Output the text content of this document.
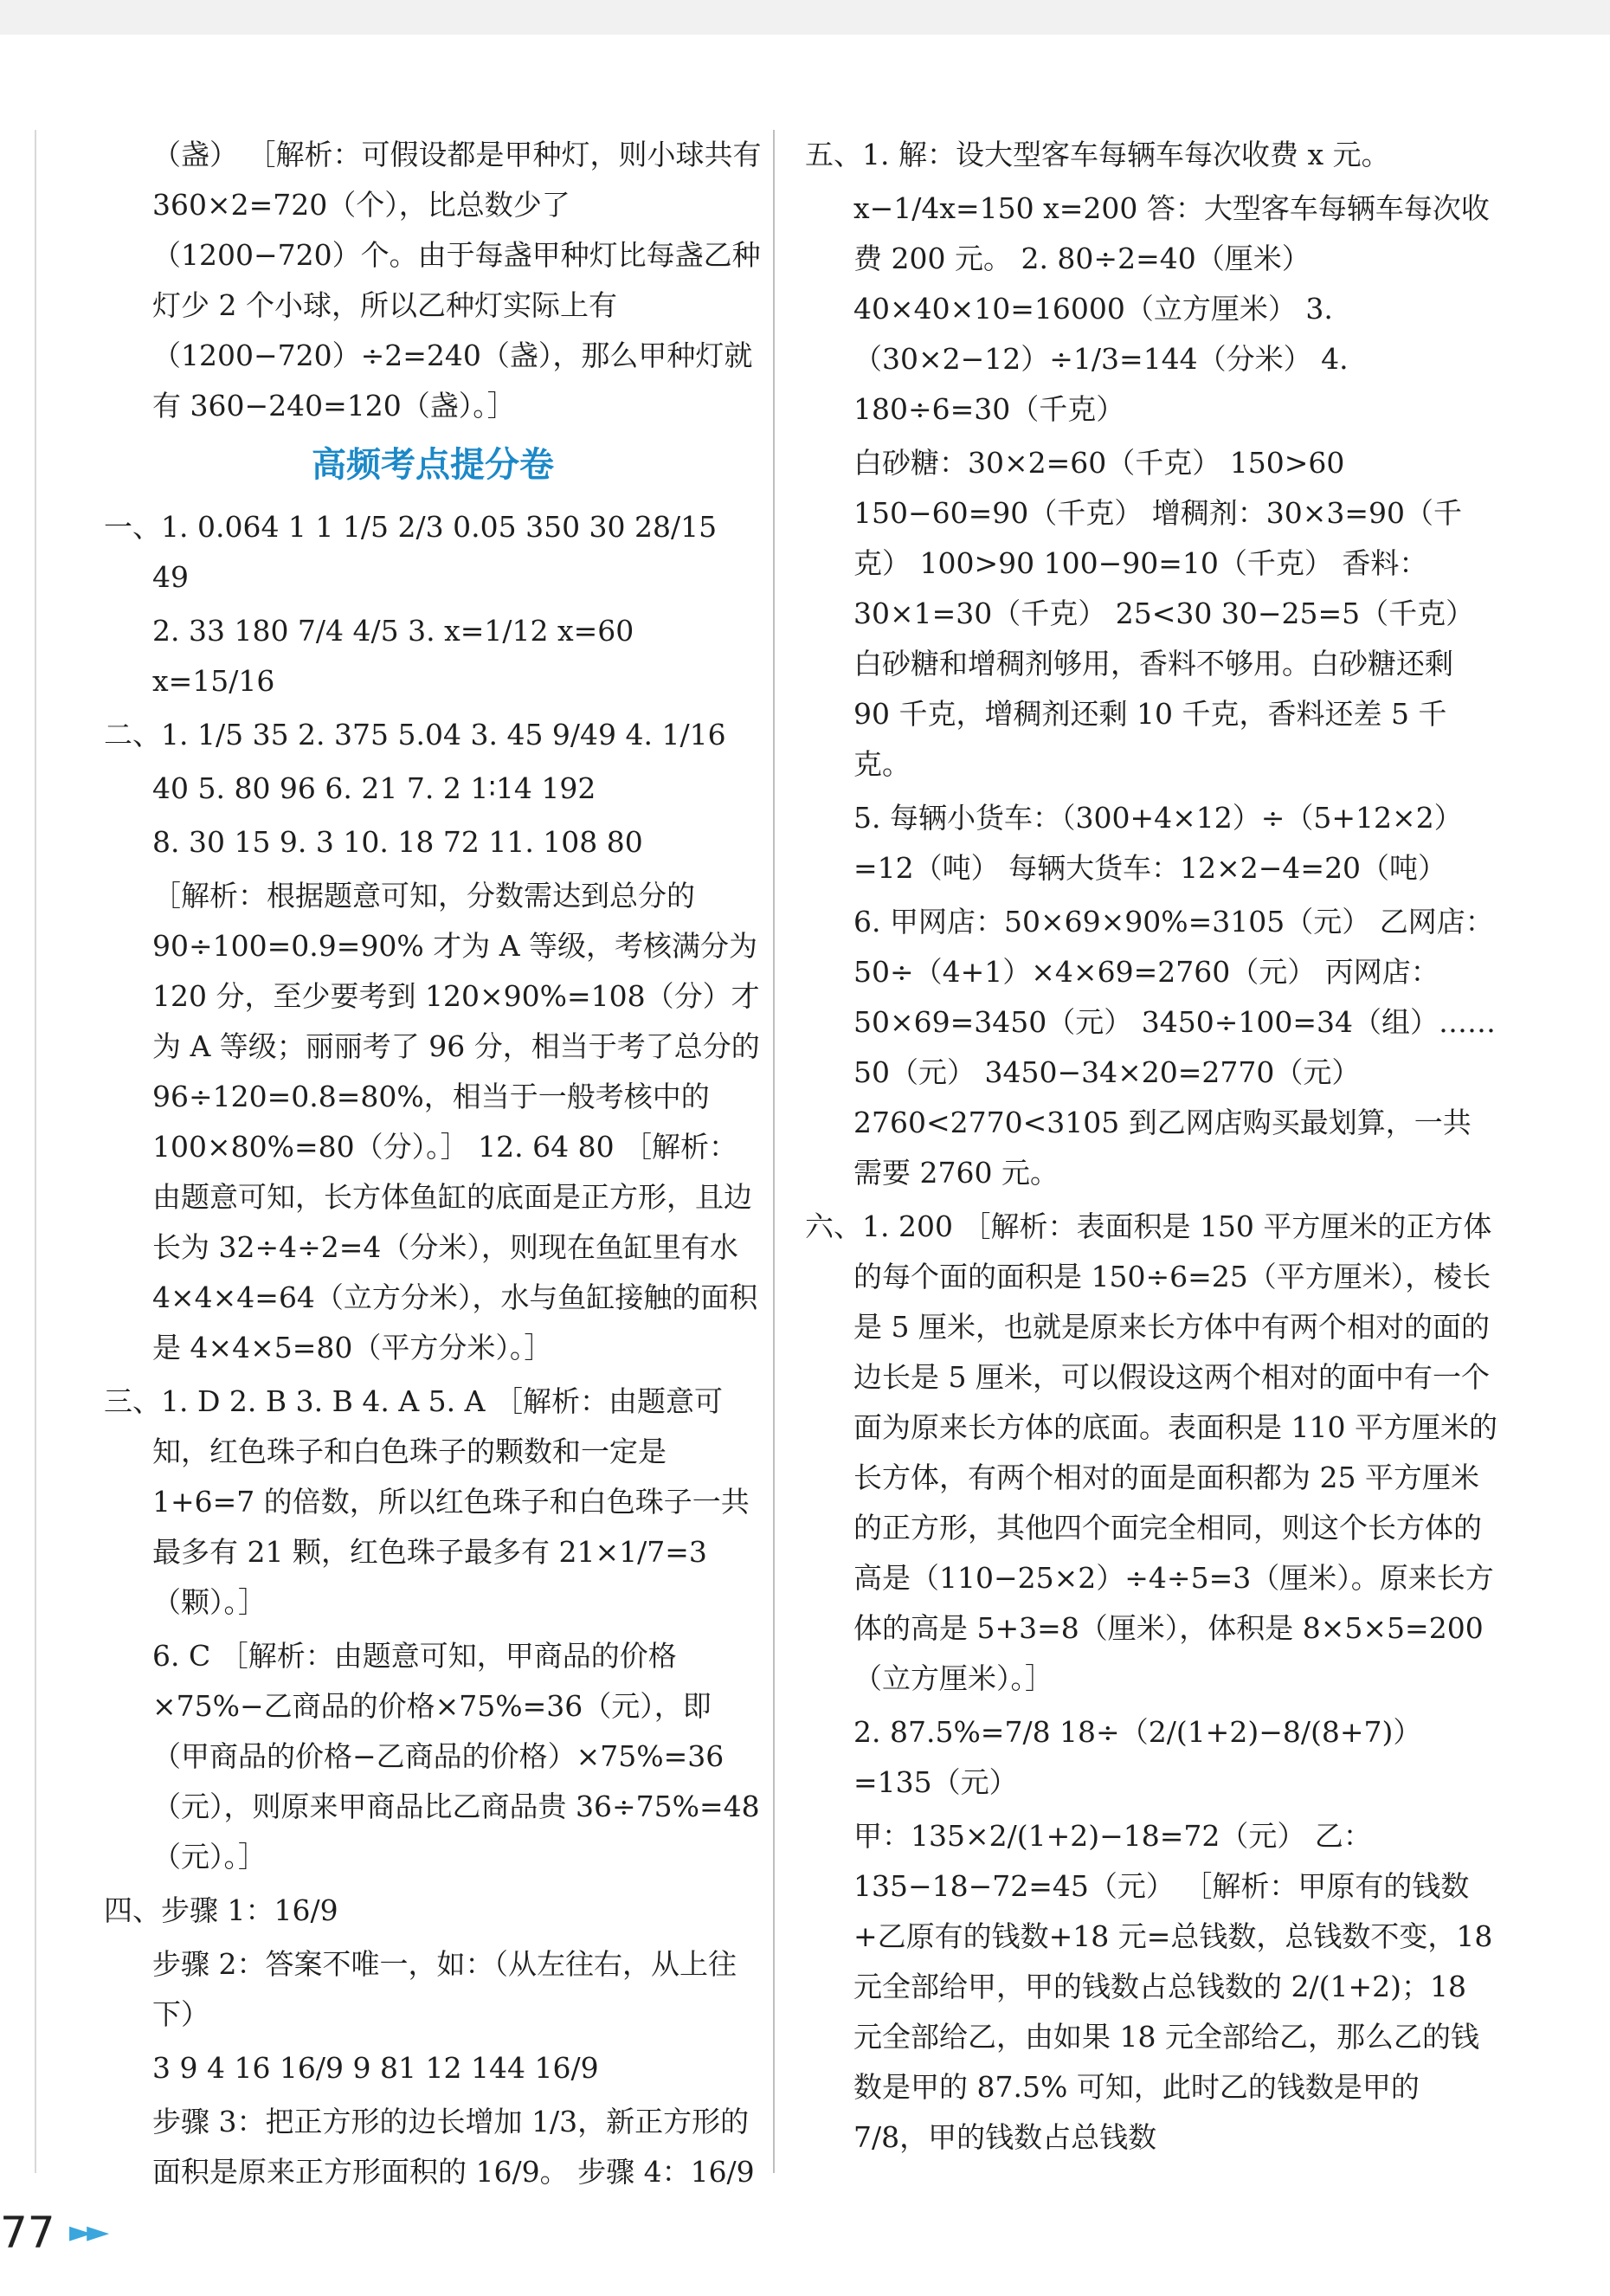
（盏） ［解析：可假设都是甲种灯，则小球共有360×2=720（个），比总数少了（1200−720）个。由于每盏甲种灯比每盏乙种灯少 2 个小球，所以乙种灯实际上有（1200−720）÷2=240（盏），那么甲种灯就有 360−240=120（盏）。］

高频考点提分卷

一、1. 0.064 1 1 1/5 2/3 0.05 350 30 28/15 49

2. 33 180 7/4 4/5 3. x=1/12 x=60 x=15/16

二、1. 1/5 35 2. 375 5.04 3. 45 9/49 4. 1/16

40 5. 80 96 6. 21 7. 2 1∶14 192

8. 30 15 9. 3 10. 18 72 11. 108 80

［解析：根据题意可知，分数需达到总分的 90÷100=0.9=90% 才为 A 等级，考核满分为 120 分，至少要考到 120×90%=108（分）才为 A 等级；丽丽考了 96 分，相当于考了总分的 96÷120=0.8=80%，相当于一般考核中的 100×80%=80（分）。］ 12. 64 80 ［解析：由题意可知，长方体鱼缸的底面是正方形，且边长为 32÷4÷2=4（分米），则现在鱼缸里有水 4×4×4=64（立方分米），水与鱼缸接触的面积是 4×4×5=80（平方分米）。］

三、1. D 2. B 3. B 4. A 5. A ［解析：由题意可知，红色珠子和白色珠子的颗数和一定是 1+6=7 的倍数，所以红色珠子和白色珠子一共最多有 21 颗，红色珠子最多有 21×1/7=3（颗）。］

6. C ［解析：由题意可知，甲商品的价格×75%−乙商品的价格×75%=36（元），即（甲商品的价格−乙商品的价格）×75%=36（元），则原来甲商品比乙商品贵 36÷75%=48（元）。］

四、步骤 1：16/9

步骤 2：答案不唯一，如：（从左往右，从上往下）

3 9 4 16 16/9 9 81 12 144 16/9

步骤 3：把正方形的边长增加 1/3，新正方形的面积是原来正方形面积的 16/9。 步骤 4：16/9

五、1. 解：设大型客车每辆车每次收费 x 元。

x−1/4x=150 x=200 答：大型客车每辆车每次收费 200 元。 2. 80÷2=40（厘米） 40×40×10=16000（立方厘米） 3. （30×2−12）÷1/3=144（分米） 4. 180÷6=30（千克）

白砂糖：30×2=60（千克） 150>60 150−60=90（千克） 增稠剂：30×3=90（千克） 100>90 100−90=10（千克） 香料：30×1=30（千克） 25<30 30−25=5（千克） 白砂糖和增稠剂够用，香料不够用。白砂糖还剩 90 千克，增稠剂还剩 10 千克，香料还差 5 千克。

5. 每辆小货车：（300+4×12）÷（5+12×2）=12（吨） 每辆大货车：12×2−4=20（吨）

6. 甲网店：50×69×90%=3105（元） 乙网店：50÷（4+1）×4×69=2760（元） 丙网店：50×69=3450（元） 3450÷100=34（组）……50（元） 3450−34×20=2770（元） 2760<2770<3105 到乙网店购买最划算，一共需要 2760 元。

六、1. 200 ［解析：表面积是 150 平方厘米的正方体的每个面的面积是 150÷6=25（平方厘米），棱长是 5 厘米，也就是原来长方体中有两个相对的面的边长是 5 厘米，可以假设这两个相对的面中有一个面为原来长方体的底面。表面积是 110 平方厘米的长方体，有两个相对的面是面积都为 25 平方厘米的正方形，其他四个面完全相同，则这个长方体的高是（110−25×2）÷4÷5=3（厘米）。原来长方体的高是 5+3=8（厘米），体积是 8×5×5=200（立方厘米）。］

2. 87.5%=7/8 18÷（2/(1+2)−8/(8+7)）=135（元）

甲：135×2/(1+2)−18=72（元） 乙：135−18−72=45（元） ［解析：甲原有的钱数+乙原有的钱数+18 元=总钱数，总钱数不变，18 元全部给甲，甲的钱数占总钱数的 2/(1+2)；18 元全部给乙，由如果 18 元全部给乙，那么乙的钱数是甲的 87.5% 可知，此时乙的钱数是甲的 7/8，甲的钱数占总钱数

77 ►►
